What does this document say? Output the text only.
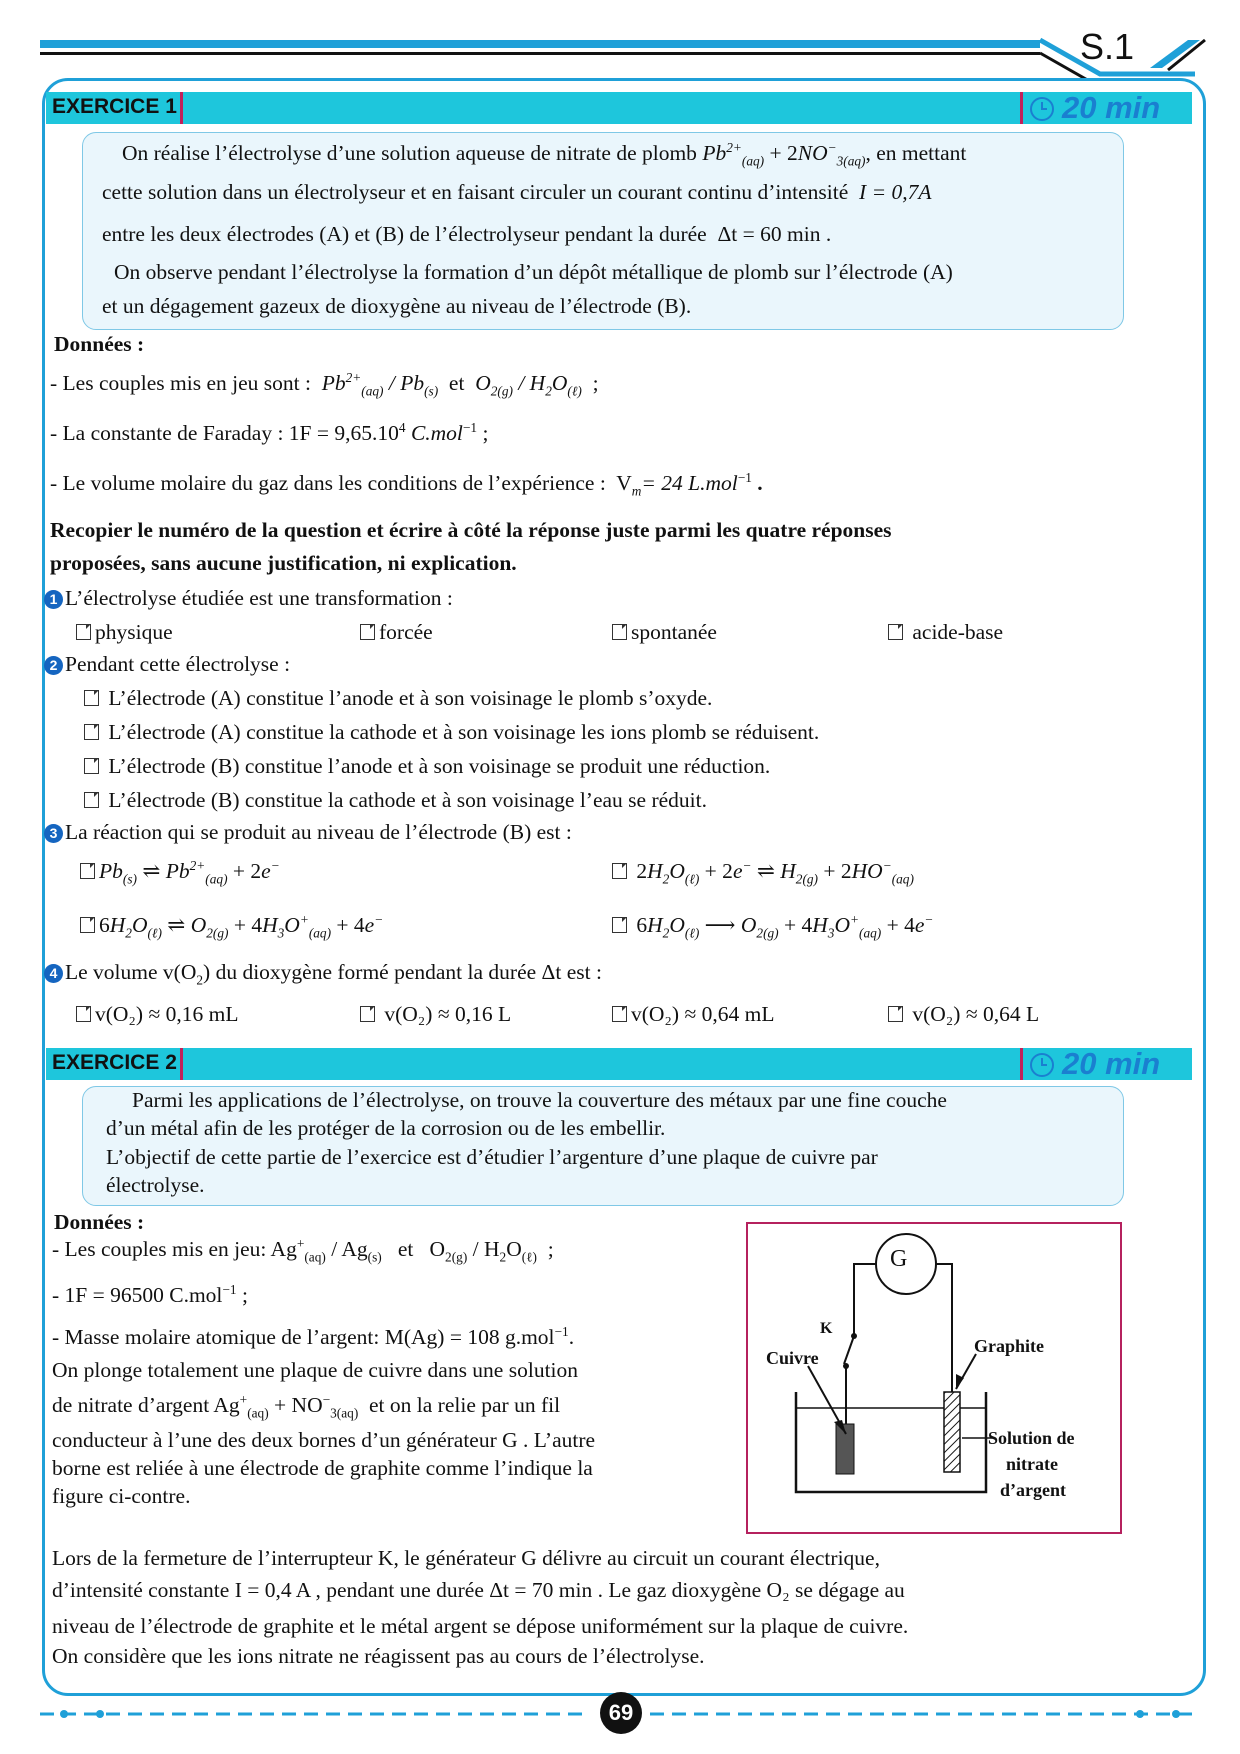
S.1
EXERCICE 1	20 min
On réalise l’électrolyse d’une solution aqueuse de nitrate de plomb $Pb^{2+}_{(aq)} + 2NO^-_{3(aq)}$, en mettant
cette solution dans un électrolyseur et en faisant circuler un courant continu d’intensité I = 0,7A
entre les deux électrodes (A) et (B) de l’électrolyseur pendant la durée Δt = 60 min .
On observe pendant l’électrolyse la formation d’un dépôt métallique de plomb sur l’électrode (A)
et un dégagement gazeux de dioxygène au niveau de l’électrode (B).
Données :
- Les couples mis en jeu sont : $Pb^{2+}_{(aq)} / Pb_{(s)}$ et $O_{2(g)} / H_2O_{(\ell)}$  ;
- La constante de Faraday : $1F = 9,65.10^4$ C.mol$^{-1}$ ;
- Le volume molaire du gaz dans les conditions de l’expérience : $V_m= 24$ L.mol$^{-1}$ .
Recopier le numéro de la question et écrire à côté la réponse juste parmi les quatre réponses
proposées, sans aucune justification, ni explication.
1 L’électrolyse étudiée est une transformation :
physique	forcée	spontanée	acide-base
2 Pendant cette électrolyse :
L’électrode (A) constitue l’anode et à son voisinage le plomb s’oxyde.
L’électrode (A) constitue la cathode et à son voisinage les ions plomb se réduisent.
L’électrode (B) constitue l’anode et à son voisinage se produit une réduction.
L’électrode (B) constitue la cathode et à son voisinage l’eau se réduit.
3 La réaction qui se produit au niveau de l’électrode (B) est :
$Pb_{(s)}$ ⇌ $Pb^{2+}_{(aq)} + 2e^-$	$2H_2O_{(\ell)} + 2e^-$ ⇌ $H_{2(g)} + 2HO^-_{(aq)}$
$6H_2O_{(\ell)}$ ⇌ $O_{2(g)} + 4H_3O^+_{(aq)} + 4e^-$	$6H_2O_{(\ell)}$ ⟶ $O_{2(g)} + 4H_3O^+_{(aq)} + 4e^-$
4 Le volume $v(O_2)$ du dioxygène formé pendant la durée Δt est :
v(O₂) ≈ 0,16 mL	v(O₂) ≈ 0,16 L	v(O₂) ≈ 0,64 mL	v(O₂) ≈ 0,64 L
EXERCICE 2	20 min
Parmi les applications de l’électrolyse, on trouve la couverture des métaux par une fine couche
d’un métal afin de les protéger de la corrosion ou de les embellir.
L’objectif de cette partie de l’exercice est d’étudier l’argenture d’une plaque de cuivre par
électrolyse.
Données :
- Les couples mis en jeu: $Ag^+_{(aq)} / Ag_{(s)}$ et   $O_{2(g)} / H_2O_{(\ell)}$  ;
- 1F = 96500 C.mol$^{-1}$ ;
- Masse molaire atomique de l’argent: M(Ag) = 108 g.mol$^{-1}$.
On plonge totalement une plaque de cuivre dans une solution
de nitrate d’argent $Ag^+_{(aq)} + NO^-_{3(aq)}$ et on la relie par un fil
conducteur à l’une des deux bornes d’un générateur G . L’autre
borne est reliée à une électrode de graphite comme l’indique la
figure ci-contre.
G
K
Cuivre
Graphite
Solution de
nitrate
d’argent
Lors de la fermeture de l’interrupteur K, le générateur G délivre au circuit un courant électrique,
d’intensité constante I = 0,4 A , pendant une durée Δt = 70 min . Le gaz dioxygène O₂ se dégage au
niveau de l’électrode de graphite et le métal argent se dépose uniformément sur la plaque de cuivre.
On considère que les ions nitrate ne réagissent pas au cours de l’électrolyse.
69
